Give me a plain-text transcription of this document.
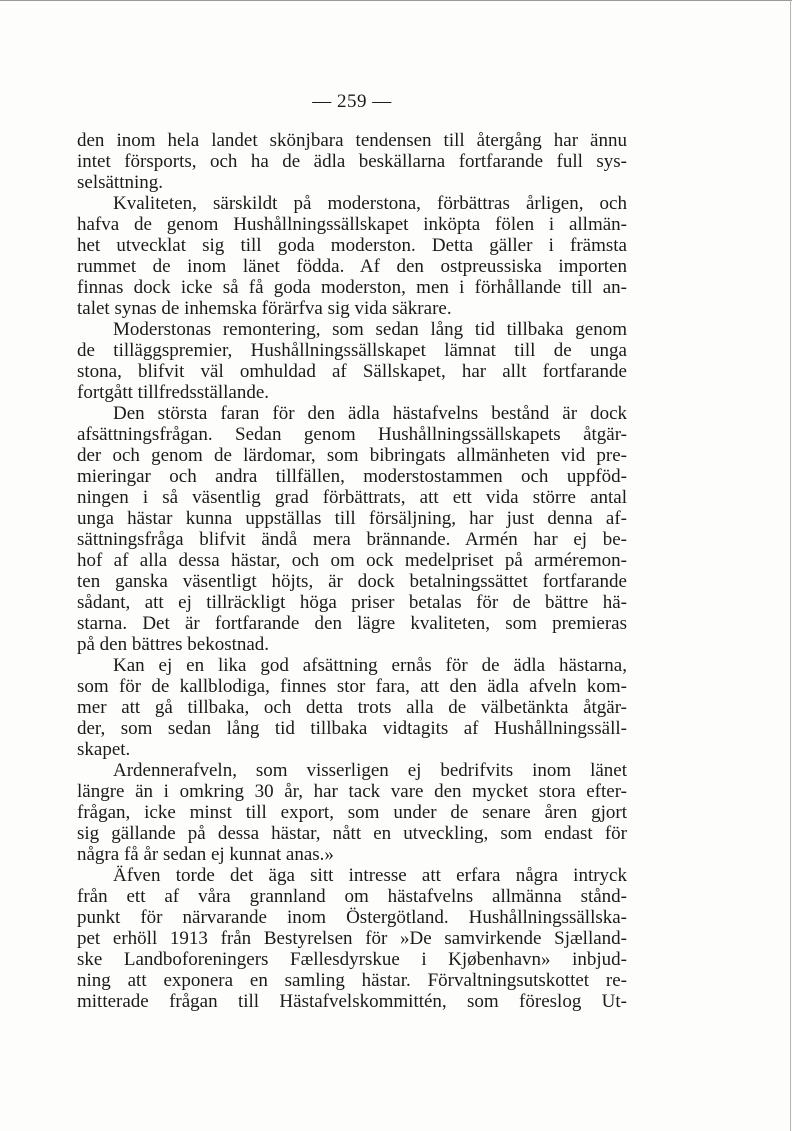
— 259 —
den inom hela landet skönjbara tendensen till återgång har ännu
intet försports, och ha de ädla beskällarna fortfarande full sys-
selsättning.
Kvaliteten, särskildt på moderstona, förbättras årligen, och
hafva de genom Hushållningssällskapet inköpta fölen i allmän-
het utvecklat sig till goda moderston. Detta gäller i främsta
rummet de inom länet födda. Af den ostpreussiska importen
finnas dock icke så få goda moderston, men i förhållande till an-
talet synas de inhemska förärfva sig vida säkrare.
Moderstonas remontering, som sedan lång tid tillbaka genom
de tilläggspremier, Hushållningssällskapet lämnat till de unga
stona, blifvit väl omhuldad af Sällskapet, har allt fortfarande
fortgått tillfredsställande.
Den största faran för den ädla hästafvelns bestånd är dock
afsättningsfrågan. Sedan genom Hushållningssällskapets åtgär-
der och genom de lärdomar, som bibringats allmänheten vid pre-
mieringar och andra tillfällen, moderstostammen och uppföd-
ningen i så väsentlig grad förbättrats, att ett vida större antal
unga hästar kunna uppställas till försäljning, har just denna af-
sättningsfråga blifvit ändå mera brännande. Armén har ej be-
hof af alla dessa hästar, och om ock medelpriset på arméremon-
ten ganska väsentligt höjts, är dock betalningssättet fortfarande
sådant, att ej tillräckligt höga priser betalas för de bättre hä-
starna. Det är fortfarande den lägre kvaliteten, som premieras
på den bättres bekostnad.
Kan ej en lika god afsättning ernås för de ädla hästarna,
som för de kallblodiga, finnes stor fara, att den ädla afveln kom-
mer att gå tillbaka, och detta trots alla de välbetänkta åtgär-
der, som sedan lång tid tillbaka vidtagits af Hushållningssäll-
skapet.
Ardennerafveln, som visserligen ej bedrifvits inom länet
längre än i omkring 30 år, har tack vare den mycket stora efter-
frågan, icke minst till export, som under de senare åren gjort
sig gällande på dessa hästar, nått en utveckling, som endast för
några få år sedan ej kunnat anas.»
Äfven torde det äga sitt intresse att erfara några intryck
från ett af våra grannland om hästafvelns allmänna stånd-
punkt för närvarande inom Östergötland. Hushållningssällska-
pet erhöll 1913 från Bestyrelsen för »De samvirkende Sjælland-
ske Landboforeningers Fællesdyrskue i Kjøbenhavn» inbjud-
ning att exponera en samling hästar. Förvaltningsutskottet re-
mitterade frågan till Hästafvelskommittén, som föreslog Ut-
